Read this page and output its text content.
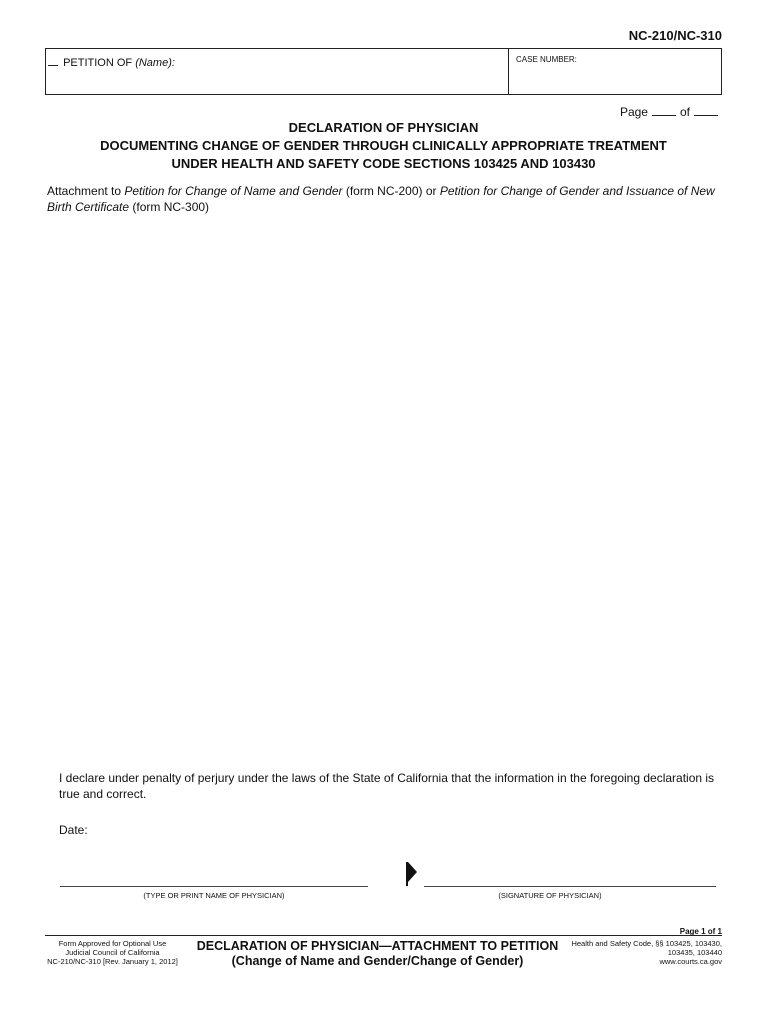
NC-210/NC-310
PETITION OF (Name):	CASE NUMBER:
Page	of
DECLARATION OF PHYSICIAN
DOCUMENTING CHANGE OF GENDER THROUGH CLINICALLY APPROPRIATE TREATMENT
UNDER HEALTH AND SAFETY CODE SECTIONS 103425 AND 103430
Attachment to Petition for Change of Name and Gender (form NC-200) or Petition for Change of Gender and Issuance of New Birth Certificate (form NC-300)
I declare under penalty of perjury under the laws of the State of California that the information in the foregoing declaration is true and correct.
Date:
(TYPE OR PRINT NAME OF PHYSICIAN)	(SIGNATURE OF PHYSICIAN)
Page 1 of 1
Form Approved for Optional Use
Judicial Council of California
NC-210/NC-310 [Rev. January 1, 2012]
DECLARATION OF PHYSICIAN—ATTACHMENT TO PETITION
(Change of Name and Gender/Change of Gender)
Health and Safety Code, §§ 103425, 103430,
103435, 103440
www.courts.ca.gov
